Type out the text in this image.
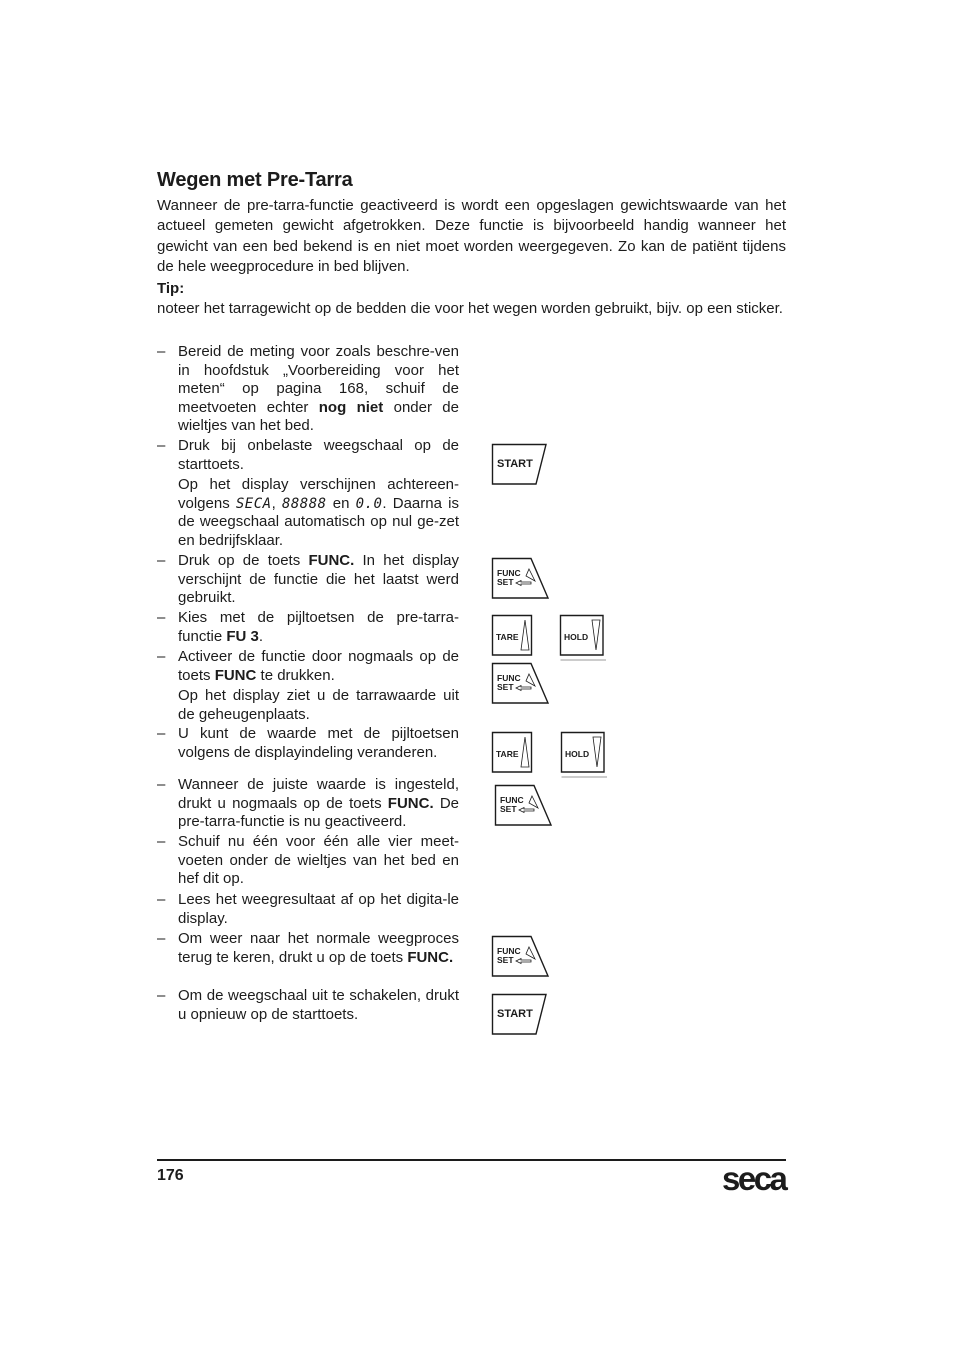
Wegen met Pre-Tarra

Wanneer de pre-tarra-functie geactiveerd is wordt een opgeslagen gewichtswaarde van het actueel gemeten gewicht afgetrokken. Deze functie is bijvoorbeeld handig wanneer het gewicht van een bed bekend is en niet moet worden weergegeven. Zo kan de patiënt tijdens de hele weegprocedure in bed blijven.

Tip:

noteer het tarragewicht op de bedden die voor het wegen worden gebruikt, bijv. op een sticker.

– Bereid de meting voor zoals beschre-ven in hoofdstuk „Voorbereiding voor het meten“ op pagina 168, schuif de meetvoeten echter nog niet onder de wieltjes van het bed.
– Druk bij onbelaste weegschaal op de starttoets.
Op het display verschijnen achtereen-volgens SECA, 88888 en 0.0. Daarna is de weegschaal automatisch op nul ge-zet en bedrijfsklaar.
– Druk op de toets FUNC. In het display verschijnt de functie die het laatst werd gebruikt.
– Kies met de pijltoetsen de pre-tarra-functie FU 3.
– Activeer de functie door nogmaals op de toets FUNC te drukken.
Op het display ziet u de tarrawaarde uit de geheugenplaats.
– U kunt de waarde met de pijltoetsen volgens de displayindeling veranderen.
– Wanneer de juiste waarde is ingesteld, drukt u nogmaals op de toets FUNC. De pre-tarra-functie is nu geactiveerd.
– Schuif nu één voor één alle vier meet-voeten onder de wieltjes van het bed en hef dit op.
– Lees het weegresultaat af op het digita-le display.
– Om weer naar het normale weegproces terug te keren, drukt u op de toets FUNC.
– Om de weegschaal uit te schakelen, drukt u opnieuw op de starttoets.
START
FUNC
SET
TARE	HOLD
FUNC
SET
TARE	HOLD
FUNC
SET
FUNC
SET
START
176	seca
